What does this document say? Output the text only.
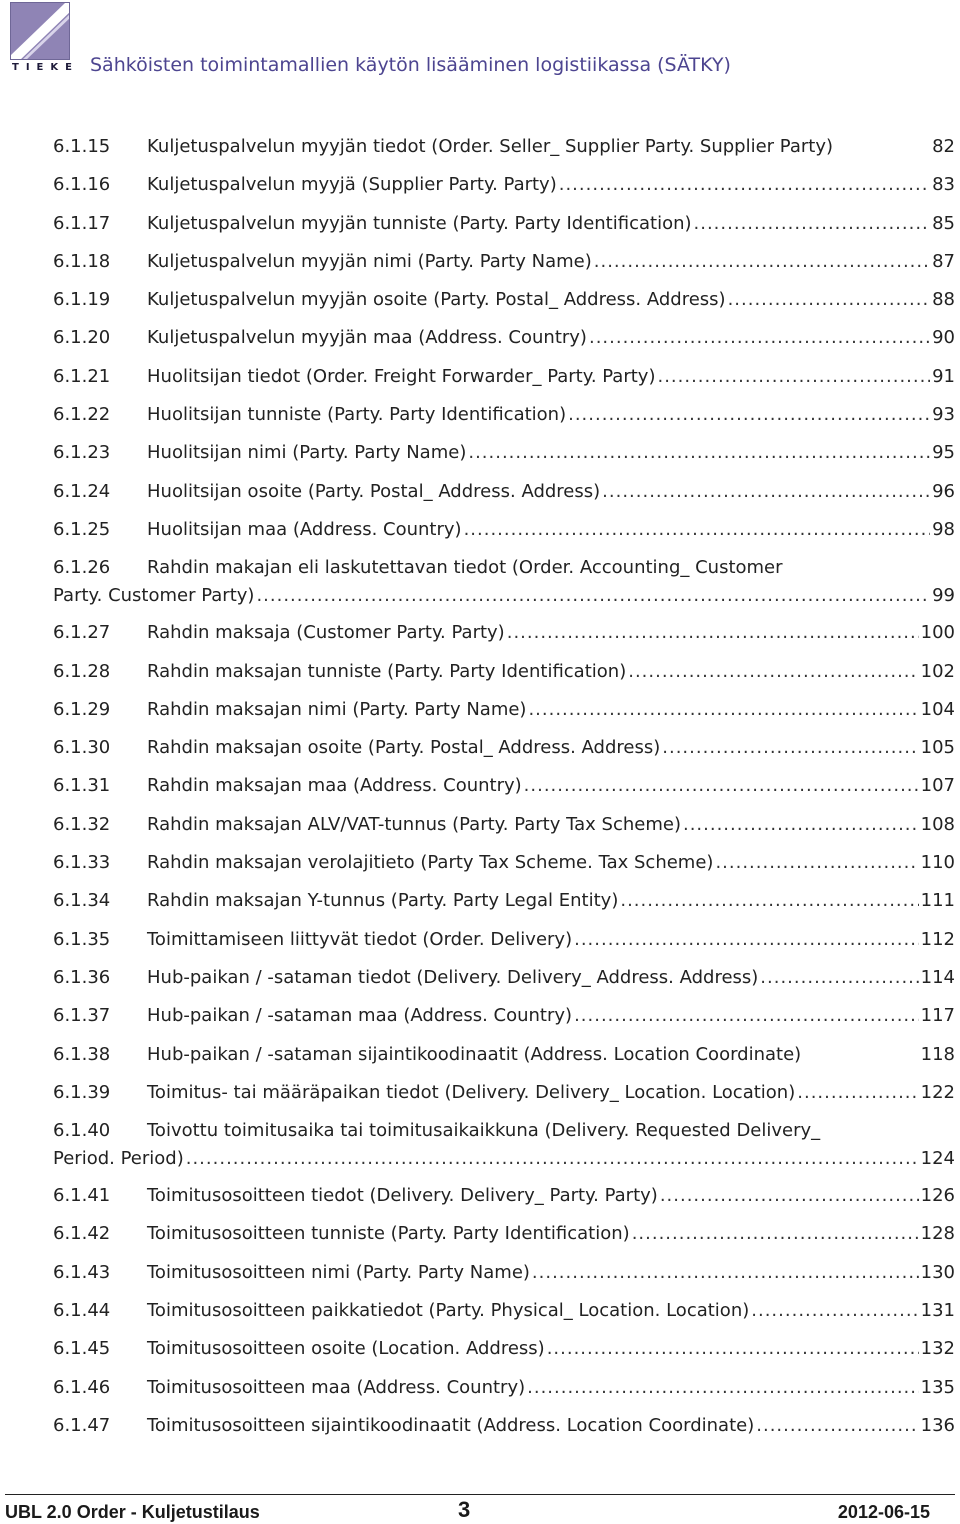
TIEKE Sähköisten toimintamallien käytön lisääminen logistiikassa (SÄTKY)
6.1.15	Kuljetuspalvelun myyjän tiedot (Order. Seller_ Supplier Party. Supplier Party)	82
6.1.16	Kuljetuspalvelun myyjä (Supplier Party. Party) .....	83
6.1.17	Kuljetuspalvelun myyjän tunniste (Party. Party Identification) .....	85
6.1.18	Kuljetuspalvelun myyjän nimi (Party. Party Name) .....	87
6.1.19	Kuljetuspalvelun myyjän osoite (Party. Postal_ Address. Address) .....	88
6.1.20	Kuljetuspalvelun myyjän maa (Address. Country) .....	90
6.1.21	Huolitsijan tiedot (Order. Freight Forwarder_ Party. Party) .....	91
6.1.22	Huolitsijan tunniste (Party. Party Identification) .....	93
6.1.23	Huolitsijan nimi (Party. Party Name) .....	95
6.1.24	Huolitsijan osoite (Party. Postal_ Address. Address) .....	96
6.1.25	Huolitsijan maa (Address. Country) .....	98
6.1.26	Rahdin makajan eli laskutettavan tiedot (Order. Accounting_ Customer
Party. Customer Party) .....	99
6.1.27	Rahdin maksaja (Customer Party. Party) .....	100
6.1.28	Rahdin maksajan tunniste (Party. Party Identification) .....	102
6.1.29	Rahdin maksajan nimi (Party. Party Name) .....	104
6.1.30	Rahdin maksajan osoite (Party. Postal_ Address. Address) .....	105
6.1.31	Rahdin maksajan maa (Address. Country) .....	107
6.1.32	Rahdin maksajan ALV/VAT-tunnus (Party. Party Tax Scheme) .....	108
6.1.33	Rahdin maksajan verolajitieto (Party Tax Scheme. Tax Scheme) .....	110
6.1.34	Rahdin maksajan Y-tunnus (Party. Party Legal Entity) .....	111
6.1.35	Toimittamiseen liittyvät tiedot (Order. Delivery) .....	112
6.1.36	Hub-paikan / -sataman tiedot (Delivery. Delivery_ Address. Address) .....	114
6.1.37	Hub-paikan / -sataman maa (Address. Country) .....	117
6.1.38	Hub-paikan / -sataman sijaintikoodinaatit (Address. Location Coordinate)	118
6.1.39	Toimitus- tai määräpaikan tiedot (Delivery. Delivery_ Location. Location) .....	122
6.1.40	Toivottu toimitusaika tai toimitusaikaikkuna (Delivery. Requested Delivery_
Period. Period) .....	124
6.1.41	Toimitusosoitteen tiedot (Delivery. Delivery_ Party. Party) .....	126
6.1.42	Toimitusosoitteen tunniste (Party. Party Identification) .....	128
6.1.43	Toimitusosoitteen nimi (Party. Party Name) .....	130
6.1.44	Toimitusosoitteen paikkatiedot (Party. Physical_ Location. Location) .....	131
6.1.45	Toimitusosoitteen osoite (Location. Address) .....	132
6.1.46	Toimitusosoitteen maa (Address. Country) .....	135
6.1.47	Toimitusosoitteen sijaintikoodinaatit (Address. Location Coordinate) .....	136
UBL 2.0 Order - Kuljetustilaus	3	2012-06-15
